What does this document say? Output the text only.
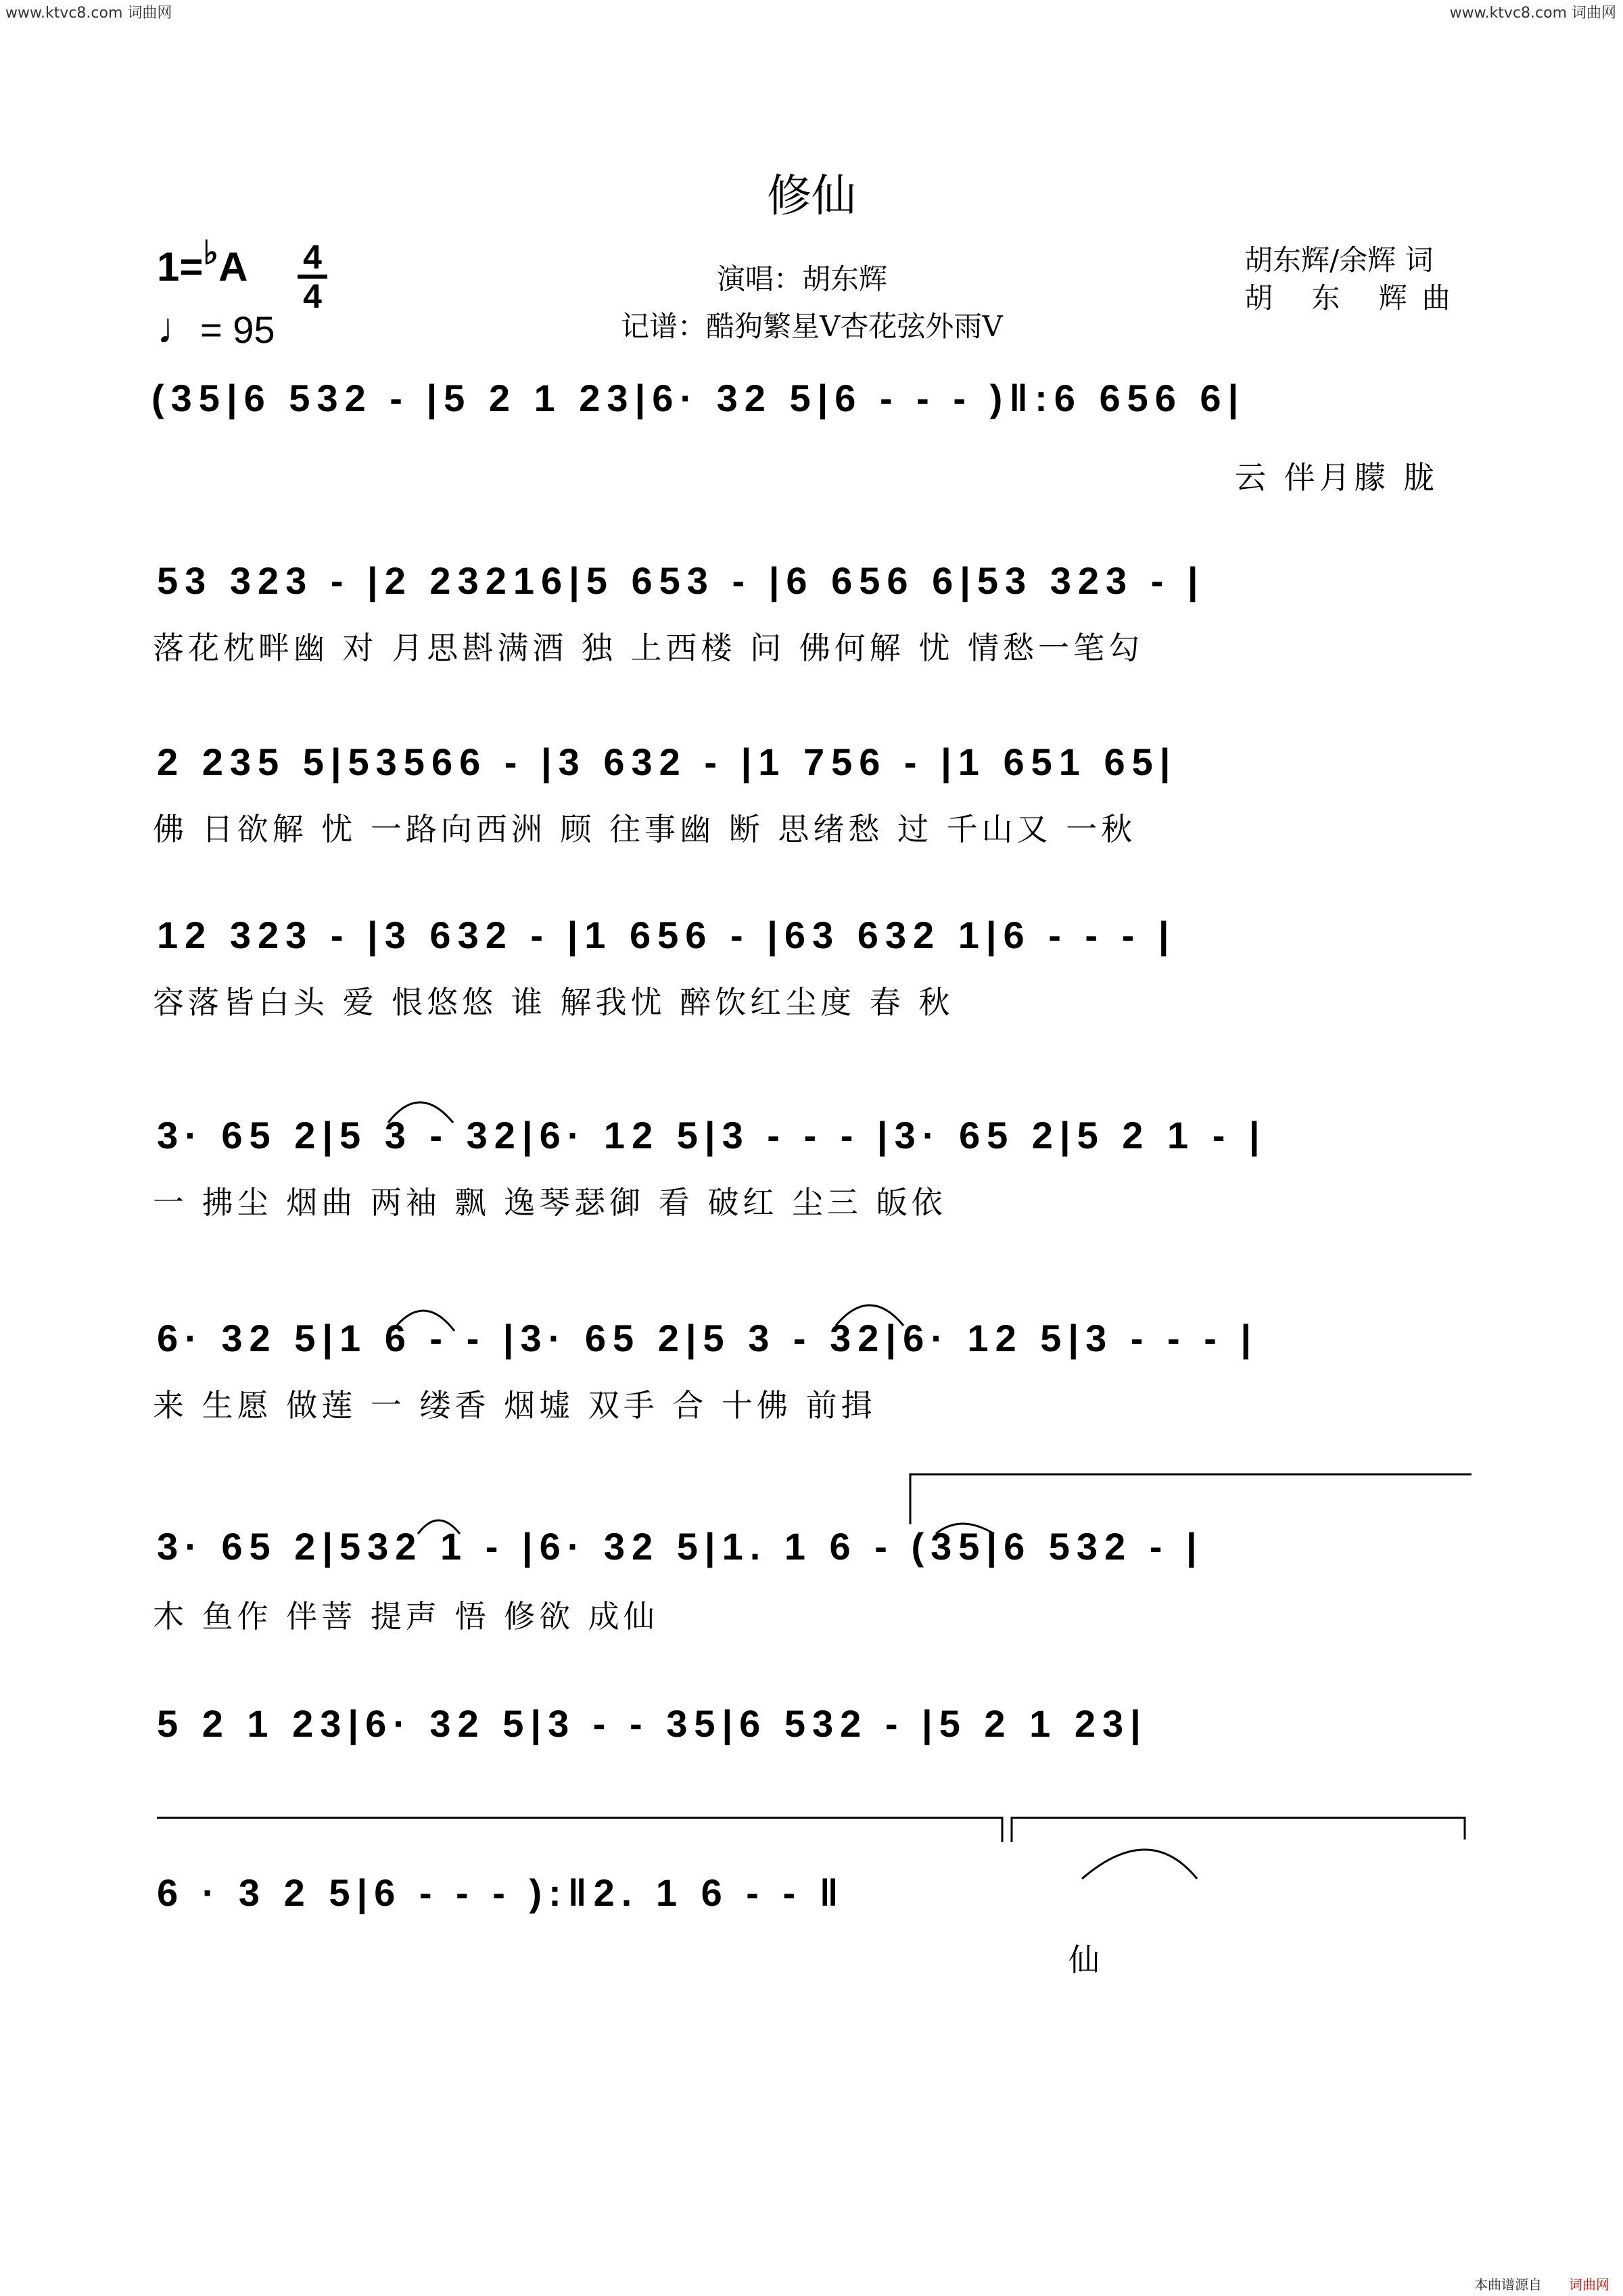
www.ktvc8.com 词曲网	www.ktvc8.com 词曲网
修仙
1=♭A 4
4
♩= 95
演唱：胡东辉
记谱：酷狗繁星V杏花弦外雨V
胡东辉/余辉 词
胡 东 辉曲
(35|6 532 - |5 2 1 23|6· 32 5|6 - - - )‖:6 656 6|
云 伴月朦 胧
53 323 - |2 23216|5 653 - |6 656 6|53 323 - |
落花枕畔幽 对 月思斟满酒 独 上西楼 问 佛何解 忧 情愁一笔勾
2 235 5|53566 - |3 632 - |1 756 - |1 651 65|
佛 日欲解 忧 一路向西洲 顾 往事幽 断 思绪愁 过 千山又 一秋
12 323 - |3 632 - |1 656 - |63 632 1|6 - - - |
容落皆白头 爱 恨悠悠 谁 解我忧 醉饮红尘度 春 秋
3· 65 2|5 3 - 32|6· 12 5|3 - - - |3· 65 2|5 2 1 - |
一 拂尘 烟曲 两袖 飘 逸琴瑟御 看 破红 尘三 皈依
6· 32 5|1 6 - - |3· 65 2|5 3 - 32|6· 12 5|3 - - - |
来 生愿 做莲 一 缕香 烟墟 双手 合 十佛 前揖
3· 65 2|532 1 - |6· 32 5|1. 1 6 - (35|6 532 - |
木 鱼作 伴菩 提声 悟 修欲 成仙
5 2 1 23|6· 32 5|3 - - 35|6 532 - |5 2 1 23|
6 · 3 2 5|6 - - - ):‖2. 1 6 - - ‖
仙
本曲谱源自 词曲网
